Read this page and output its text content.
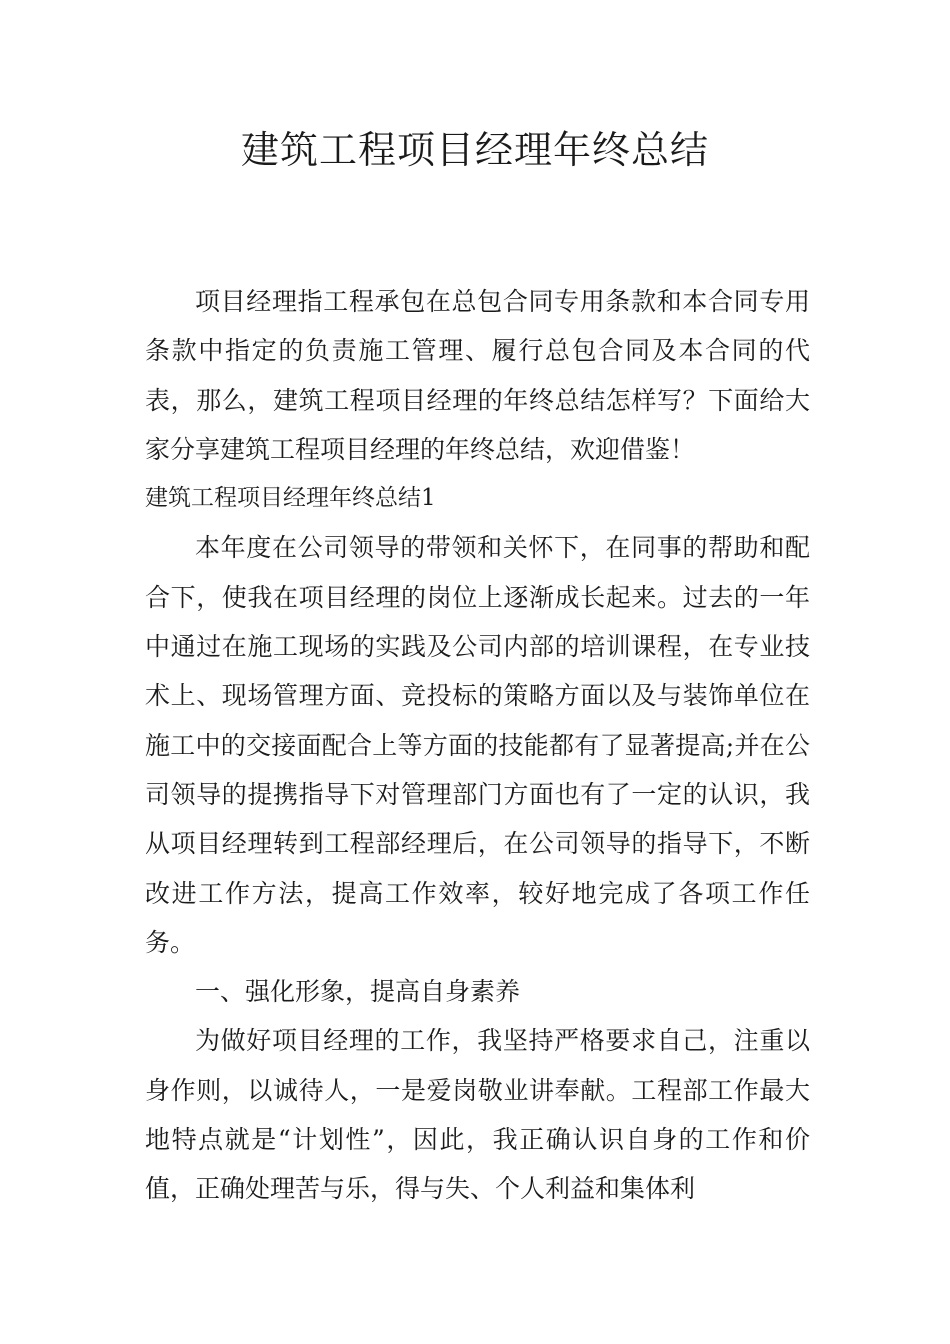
建筑工程项目经理年终总结

项目经理指工程承包在总包合同专用条款和本合同专用条款中指定的负责施工管理、履行总包合同及本合同的代表，那么，建筑工程项目经理的年终总结怎样写？下面给大家分享建筑工程项目经理的年终总结，欢迎借鉴！

建筑工程项目经理年终总结1

本年度在公司领导的带领和关怀下，在同事的帮助和配合下，使我在项目经理的岗位上逐渐成长起来。过去的一年中通过在施工现场的实践及公司内部的培训课程，在专业技术上、现场管理方面、竞投标的策略方面以及与装饰单位在施工中的交接面配合上等方面的技能都有了显著提高;并在公司领导的提携指导下对管理部门方面也有了一定的认识，我从项目经理转到工程部经理后，在公司领导的指导下，不断改进工作方法，提高工作效率，较好地完成了各项工作任务。

一、强化形象，提高自身素养

为做好项目经理的工作，我坚持严格要求自己，注重以身作则，以诚待人，一是爱岗敬业讲奉献。工程部工作最大地特点就是“计划性”，因此，我正确认识自身的工作和价值，正确处理苦与乐，得与失、个人利益和集体利
